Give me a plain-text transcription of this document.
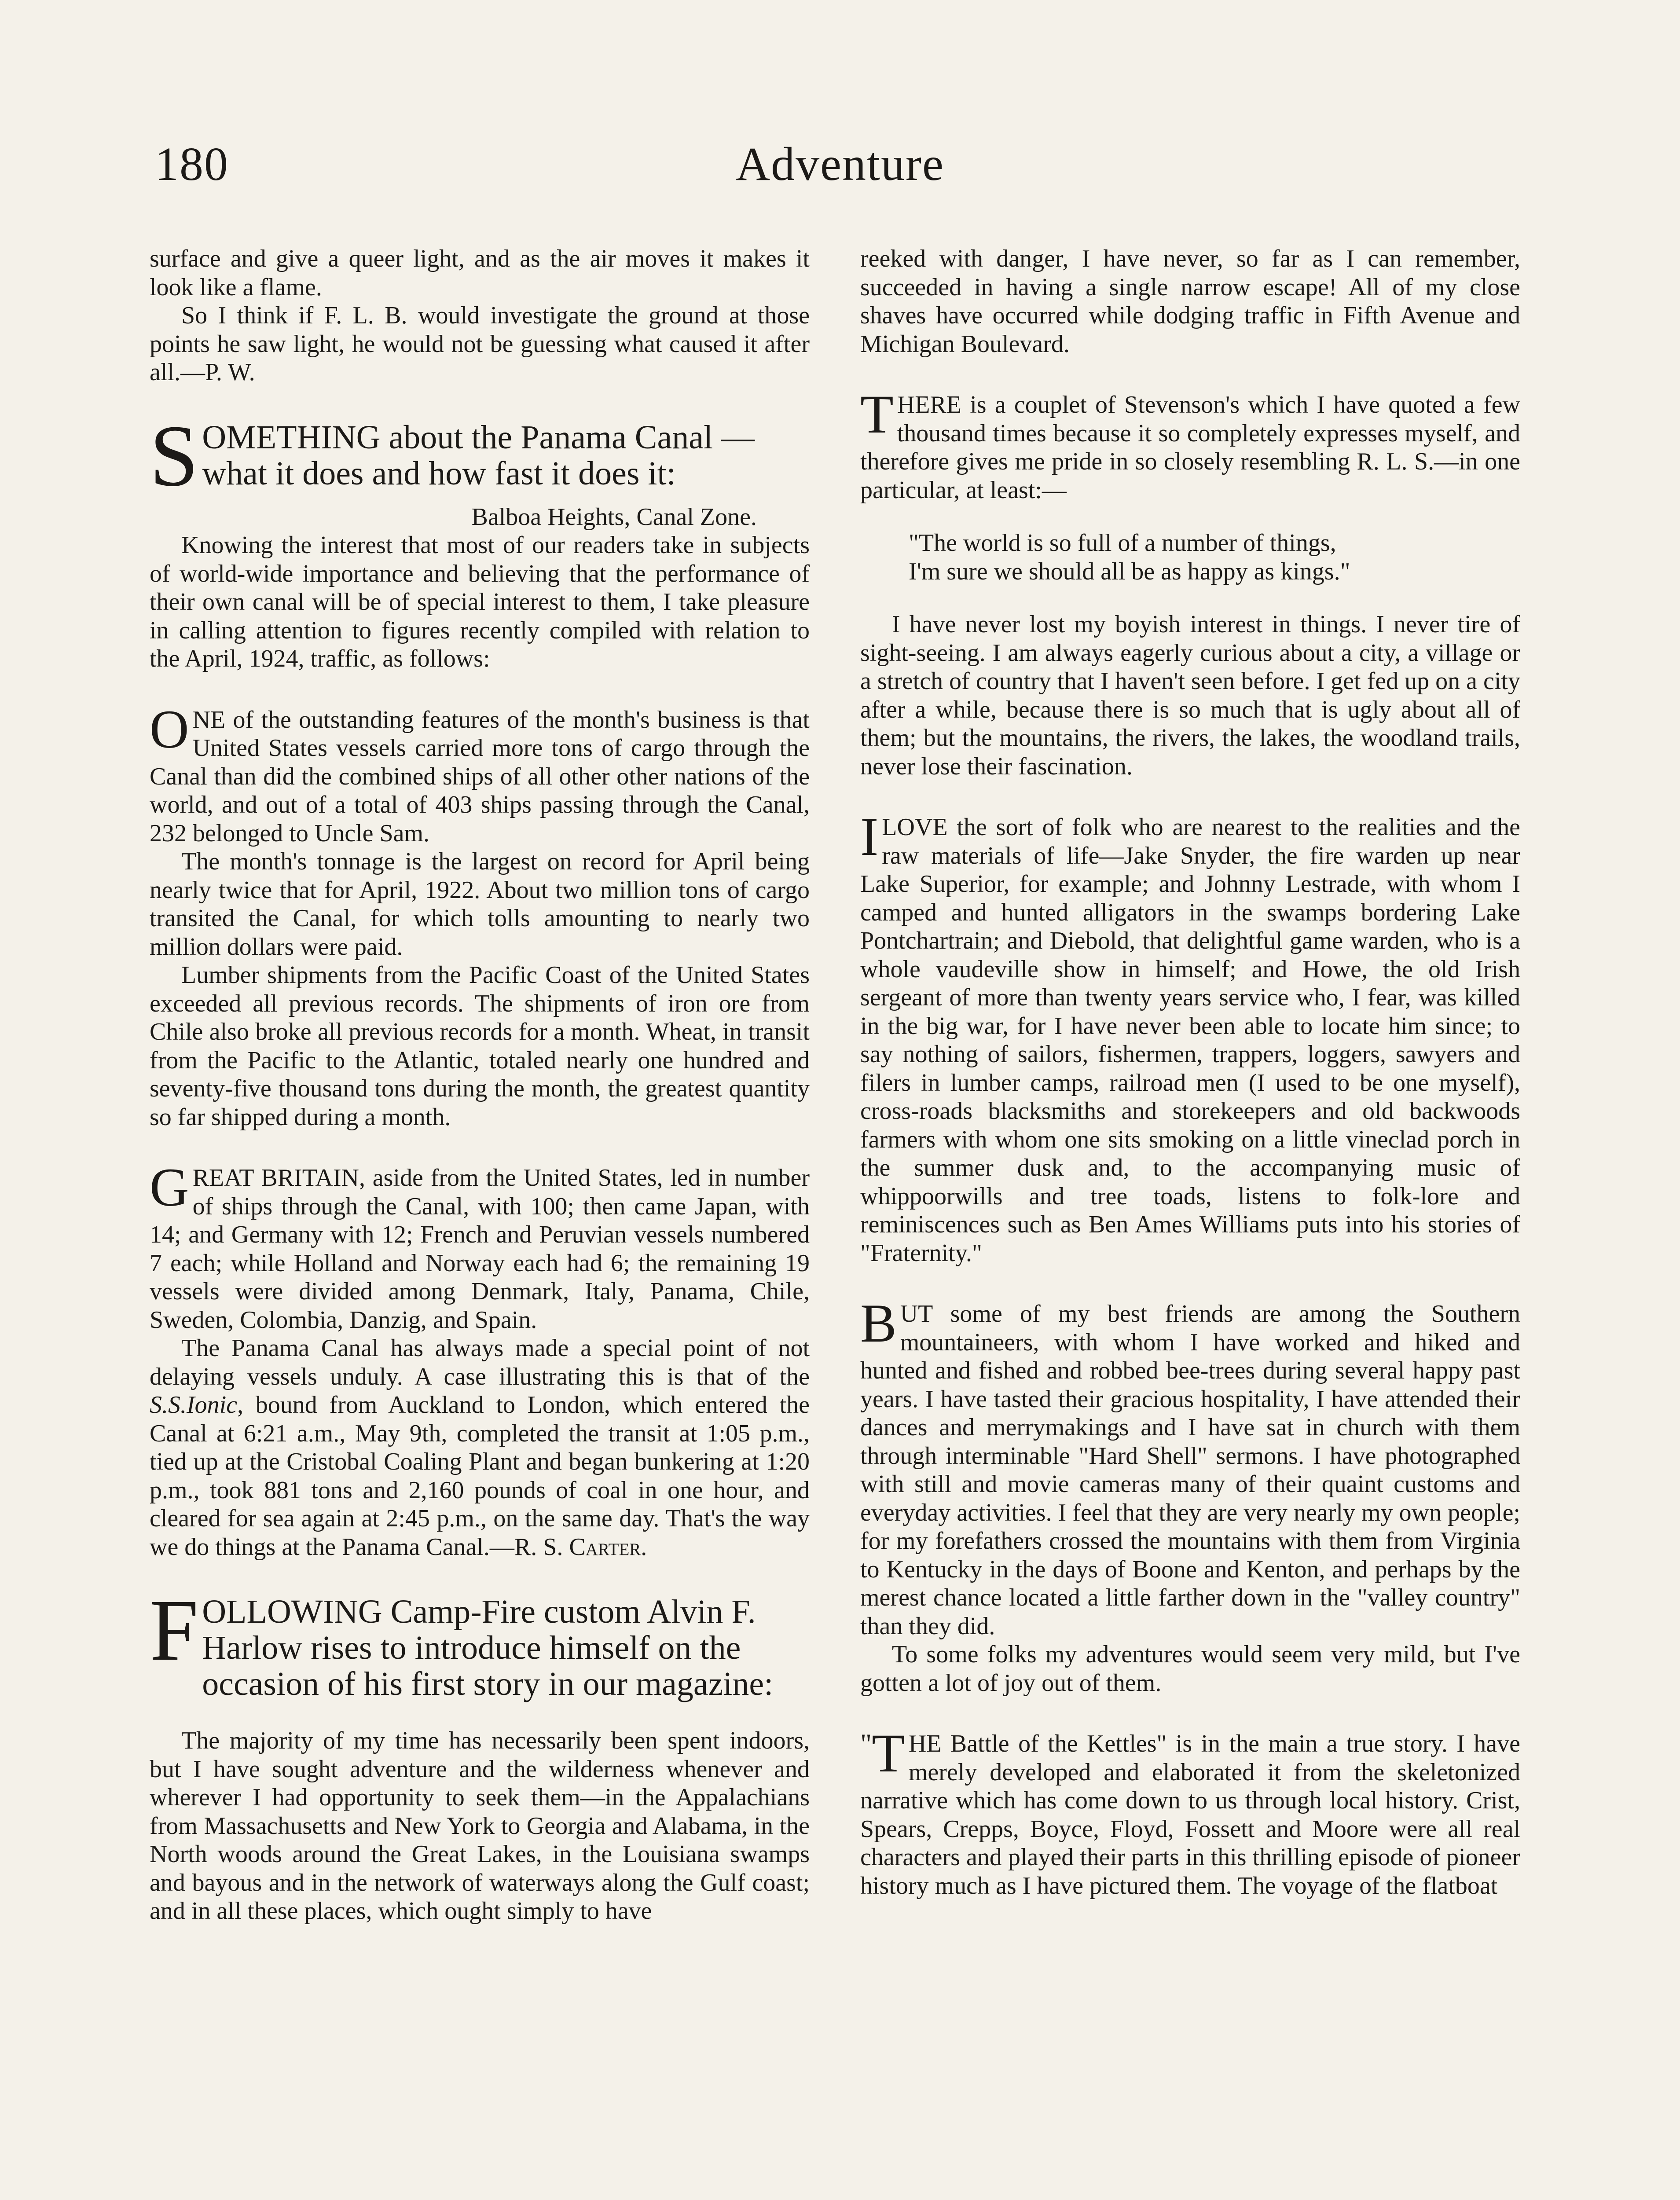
180	Adventure

surface and give a queer light, and as the air moves it makes it look like a flame.

So I think if F. L. B. would investigate the ground at those points he saw light, he would not be guessing what caused it after all.—P. W.

SOMETHING about the Panama Canal —what it does and how fast it does it:

Balboa Heights, Canal Zone.

Knowing the interest that most of our readers take in subjects of world-wide importance and believing that the performance of their own canal will be of special interest to them, I take pleasure in calling attention to figures recently compiled with relation to the April, 1924, traffic, as follows:

ONE of the outstanding features of the month's business is that United States vessels carried more tons of cargo through the Canal than did the combined ships of all other other nations of the world, and out of a total of 403 ships passing through the Canal, 232 belonged to Uncle Sam.

The month's tonnage is the largest on record for April being nearly twice that for April, 1922. About two million tons of cargo transited the Canal, for which tolls amounting to nearly two million dollars were paid.

Lumber shipments from the Pacific Coast of the United States exceeded all previous records. The shipments of iron ore from Chile also broke all previous records for a month. Wheat, in transit from the Pacific to the Atlantic, totaled nearly one hundred and seventy-five thousand tons during the month, the greatest quantity so far shipped during a month.

GREAT BRITAIN, aside from the United States, led in number of ships through the Canal, with 100; then came Japan, with 14; and Germany with 12; French and Peruvian vessels numbered 7 each; while Holland and Norway each had 6; the remaining 19 vessels were divided among Denmark, Italy, Panama, Chile, Sweden, Colombia, Danzig, and Spain.

The Panama Canal has always made a special point of not delaying vessels unduly. A case illustrating this is that of the S.S.Ionic, bound from Auckland to London, which entered the Canal at 6:21 a.m., May 9th, completed the transit at 1:05 p.m., tied up at the Cristobal Coaling Plant and began bunkering at 1:20 p.m., took 881 tons and 2,160 pounds of coal in one hour, and cleared for sea again at 2:45 p.m., on the same day. That's the way we do things at the Panama Canal.—R. S. Carter.

FOLLOWING Camp-Fire custom Alvin F. Harlow rises to introduce himself on the occasion of his first story in our magazine:

The majority of my time has necessarily been spent indoors, but I have sought adventure and the wilderness whenever and wherever I had opportunity to seek them—in the Appalachians from Massachusetts and New York to Georgia and Alabama, in the North woods around the Great Lakes, in the Louisiana swamps and bayous and in the network of waterways along the Gulf coast; and in all these places, which ought simply to have

reeked with danger, I have never, so far as I can remember, succeeded in having a single narrow escape! All of my close shaves have occurred while dodging traffic in Fifth Avenue and Michigan Boulevard.

THERE is a couplet of Stevenson's which I have quoted a few thousand times because it so completely expresses myself, and therefore gives me pride in so closely resembling R. L. S.—in one particular, at least:—

"The world is so full of a number of things,

I'm sure we should all be as happy as kings."

I have never lost my boyish interest in things. I never tire of sight-seeing. I am always eagerly curious about a city, a village or a stretch of country that I haven't seen before. I get fed up on a city after a while, because there is so much that is ugly about all of them; but the mountains, the rivers, the lakes, the woodland trails, never lose their fascination.

ILOVE the sort of folk who are nearest to the realities and the raw materials of life—Jake Snyder, the fire warden up near Lake Superior, for example; and Johnny Lestrade, with whom I camped and hunted alligators in the swamps bordering Lake Pontchartrain; and Diebold, that delightful game warden, who is a whole vaudeville show in himself; and Howe, the old Irish sergeant of more than twenty years service who, I fear, was killed in the big war, for I have never been able to locate him since; to say nothing of sailors, fishermen, trappers, loggers, sawyers and filers in lumber camps, railroad men (I used to be one myself), cross-roads blacksmiths and storekeepers and old backwoods farmers with whom one sits smoking on a little vineclad porch in the summer dusk and, to the accompanying music of whippoorwills and tree toads, listens to folk-lore and reminiscences such as Ben Ames Williams puts into his stories of "Fraternity."

BUT some of my best friends are among the Southern mountaineers, with whom I have worked and hiked and hunted and fished and robbed bee-trees during several happy past years. I have tasted their gracious hospitality, I have attended their dances and merrymakings and I have sat in church with them through interminable "Hard Shell" sermons. I have photographed with still and movie cameras many of their quaint customs and everyday activities. I feel that they are very nearly my own people; for my forefathers crossed the mountains with them from Virginia to Kentucky in the days of Boone and Kenton, and perhaps by the merest chance located a little farther down in the "valley country" than they did.

To some folks my adventures would seem very mild, but I've gotten a lot of joy out of them.

" T HE Battle of the Kettles" is in the main a true story. I have merely developed and elaborated it from the skeletonized narrative which has come down to us through local history. Crist, Spears, Crepps, Boyce, Floyd, Fossett and Moore were all real characters and played their parts in this thrilling episode of pioneer history much as I have pictured them. The voyage of the flatboat
